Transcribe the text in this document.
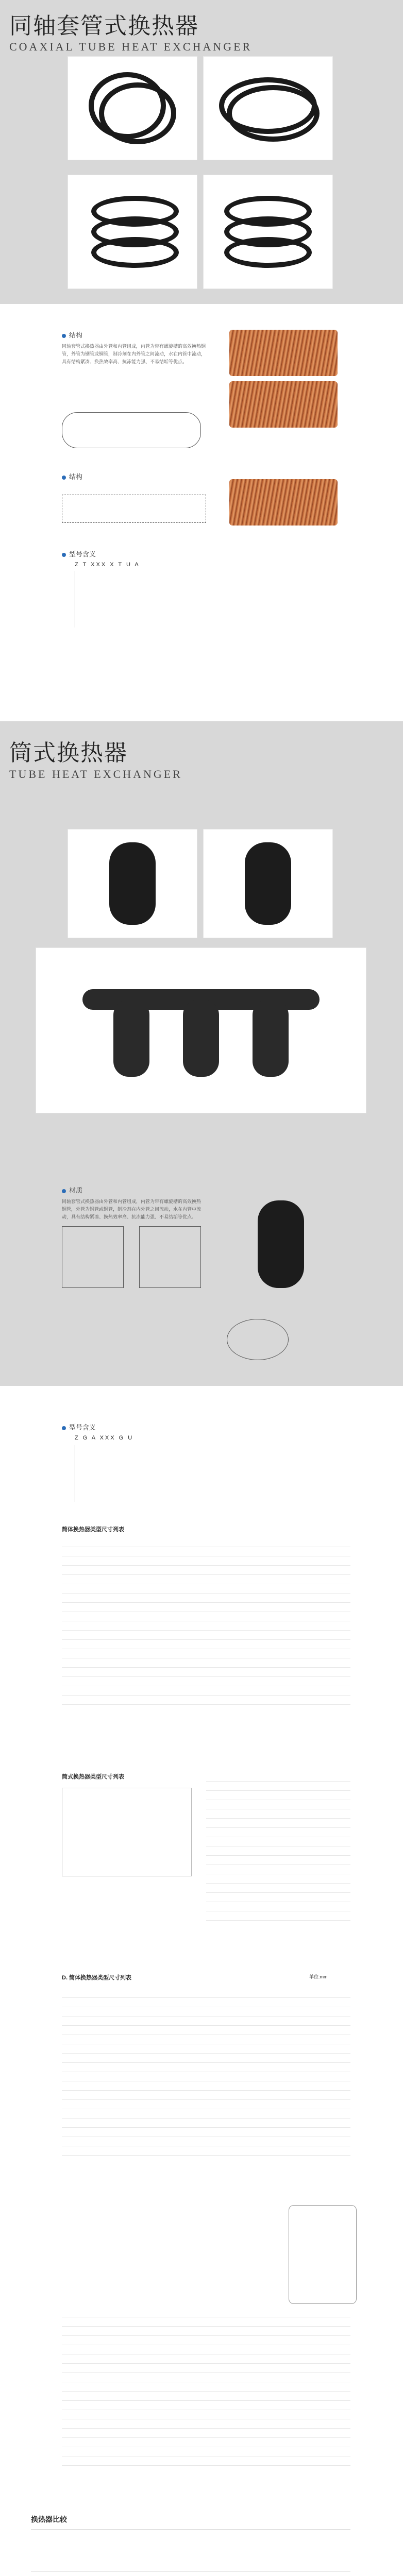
同轴套管式换热器
COAXIAL TUBE HEAT EXCHANGER
结构
同轴套管式换热器由外管和内管组成，内管为带有螺旋槽的高效换热铜管，外管为钢管或铜管，制冷剂在内外管之间流动，水在内管中流动，具有结构紧凑、换热效率高、抗冻能力强、不易结垢等优点。
结构
型号含义
Z T XXX X T U A
筒式换热器
TUBE HEAT EXCHANGER
材质
同轴套管式换热器由外管和内管组成，内管为带有螺旋槽的高效换热铜管，外管为钢管或铜管，制冷剂在内外管之间流动，水在内管中流动，具有结构紧凑、换热效率高、抗冻能力强、不易结垢等优点。
型号含义
Z G A XXX G U
简体换热器类型尺寸列表
筒式换热器类型尺寸列表
D. 简体换热器类型尺寸列表	单位:mm
换热器比较
